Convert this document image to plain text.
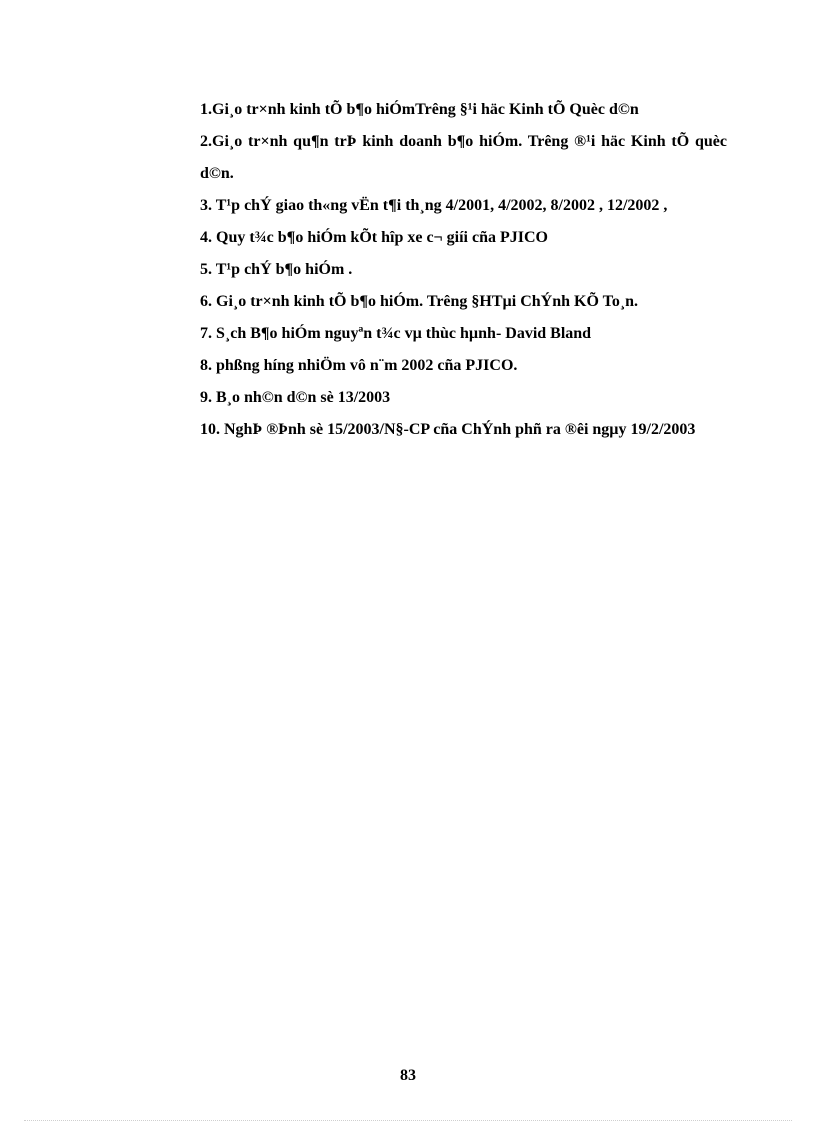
1.Gi¸o tr×nh kinh tÕ b¶o hiÓmTrêng §¹i häc Kinh tÕ Quèc d©n
2.Gi¸o tr×nh qu¶n trÞ kinh doanh b¶o hiÓm. Trêng ®¹i häc Kinh tÕ quèc d©n.
3. T¹p chÝ giao th«ng vËn t¶i th¸ng 4/2001, 4/2002, 8/2002 , 12/2002 ,
4. Quy t¾c b¶o hiÓm kÕt hîp xe c¬ giíi cña PJICO
5. T¹p chÝ b¶o hiÓm .
6. Gi¸o tr×nh kinh tÕ b¶o hiÓm. Trêng §HTµi ChÝnh KÕ To¸n.
7. S¸ch B¶o hiÓm nguyªn t¾c vµ thùc hµnh- David Bland
8. phßng híng nhiÖm vô n¨m 2002 cña PJICO.
9. B¸o nh©n d©n sè 13/2003
10. NghÞ ®Þnh sè 15/2003/N§-CP cña ChÝnh phñ ra ®êi ngµy 19/2/2003
83
